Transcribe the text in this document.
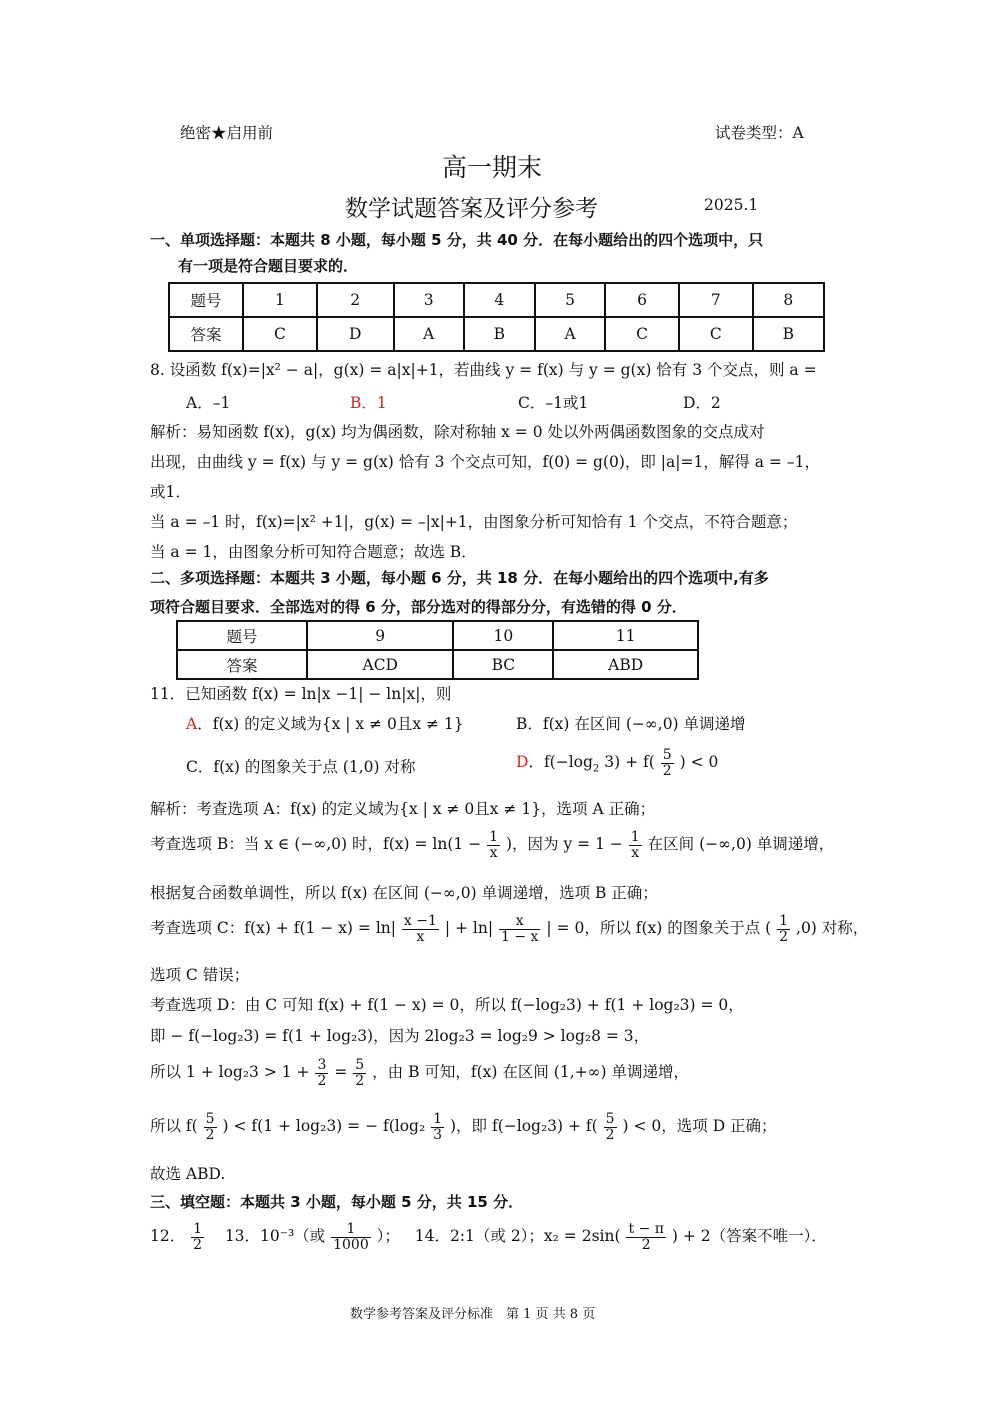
绝密★启用前	试卷类型：A
高一期末
数学试题答案及评分参考	2025.1
一、单项选择题：本题共 8 小题，每小题 5 分，共 40 分．在每小题给出的四个选项中，只
有一项是符合题目要求的．
题号	1	2	3	4	5	6	7	8
答案	C	D	A	B	A	C	C	B
8. 设函数 f(x)=|x² − a|，g(x) = a|x|+1，若曲线 y = f(x) 与 y = g(x) 恰有 3 个交点，则 a =
A．–1	B．1	C．–1或1	D．2
解析：易知函数 f(x)，g(x) 均为偶函数，除对称轴 x = 0 处以外两偶函数图象的交点成对
出现，由曲线 y = f(x) 与 y = g(x) 恰有 3 个交点可知，f(0) = g(0)，即 |a|=1，解得 a = –1，
或1．
当 a = –1 时，f(x)=|x² +1|，g(x) = –|x|+1，由图象分析可知恰有 1 个交点，不符合题意；
当 a = 1，由图象分析可知符合题意；故选 B．
二、多项选择题：本题共 3 小题，每小题 6 分，共 18 分．在每小题给出的四个选项中,有多
项符合题目要求．全部选对的得 6 分，部分选对的得部分分，有选错的得 0 分．
题号	9	10	11
答案	ACD	BC	ABD
11．已知函数 f(x) = ln|x −1| − ln|x|，则
A．f(x) 的定义域为{x | x ≠ 0且x ≠ 1}	B．f(x) 在区间 (−∞,0) 单调递增
C．f(x) 的图象关于点 (1,0) 对称	D．$f(-\log_2$ $3) + f( \frac{5}{2}$ ) < 0
解析：考查选项 A：f(x) 的定义域为{x | x ≠ 0且x ≠ 1}，选项 A 正确；
考查选项 B：当 x ∈ (−∞,0) 时，$f(x) = \ln(1 - \frac{1}{x}$ )，因为 $y = 1 - \frac{1}{x}$ 在区间 (−∞,0) 单调递增，
根据复合函数单调性，所以 f(x) 在区间 (−∞,0) 单调递增，选项 B 正确；
考查选项 C：$f(x) + f(1 - x) = \ln| \frac{x -1}{x}$ | + $\ln| \frac{x}{1 - x}$ | = 0，所以 f(x) 的图象关于点 ( $\frac{1}{2} ,0$) 对称，
选项 C 错误；
考查选项 D：由 C 可知 f(x) + f(1 − x) = 0，所以 f(−log₂3) + f(1 + log₂3) = 0，
即 − f(−log₂3) = f(1 + log₂3)，因为 2log₂3 = log₂9 > log₂8 = 3，
所以 $1 + \log_23 > 1 + \frac{3}{2} = \frac{5}{2}$ ，由 B 可知，f(x) 在区间 (1,+∞) 单调递增，
所以 $f( \frac{5}{2}$ ) < f(1 + log₂3) = − $f(\log_2 \frac{1}{3}$ )，即 $f(-\log_23) + f( \frac{5}{2}$ ) < 0，选项 D 正确；
故选 ABD.
三、填空题：本题共 3 小题，每小题 5 分，共 15 分．
12． $\frac{1}{2} 13$．10⁻³（或 $\frac{1}{1000}$ ）； 14．2:1（或 2）；$x_2 = 2\sin( \frac{t - \pi}{2}$ ) + 2（答案不唯一）．
数学参考答案及评分标准　第 1 页 共 8 页
